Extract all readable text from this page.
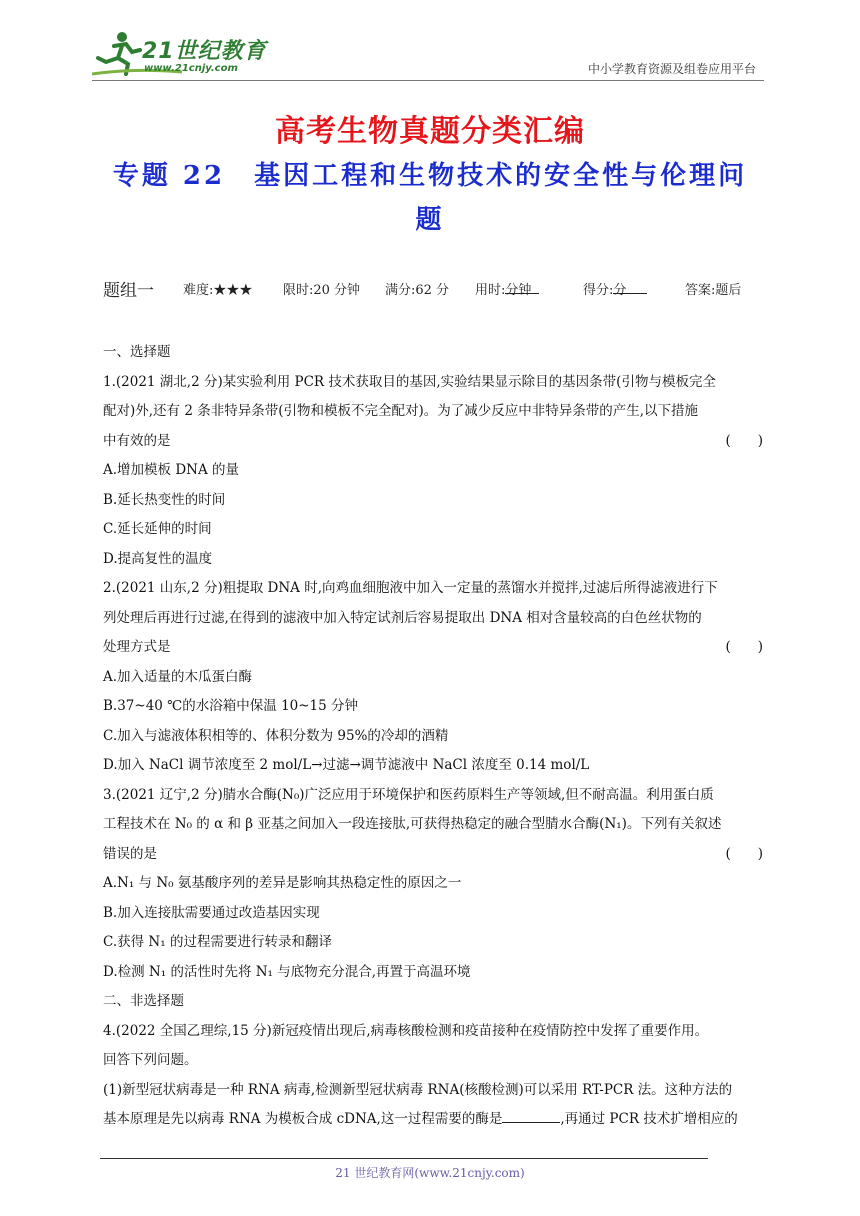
21世纪教育
www.21cnjy.com	中小学教育资源及组卷应用平台
高考生物真题分类汇编
专题 22　基因工程和生物技术的安全性与伦理问题
题组一 难度:★★★ 限时:20 分钟 满分:62 分 用时:
分钟	得分:
分	答案:题后
一、选择题
1.(2021 湖北,2 分)某实验利用 PCR 技术获取目的基因,实验结果显示除目的基因条带(引物与模板完全
配对)外,还有 2 条非特异条带(引物和模板不完全配对)。为了减少反应中非特异条带的产生,以下措施
中有效的是	(　　)
A.增加模板 DNA 的量
B.延长热变性的时间
C.延长延伸的时间
D.提高复性的温度
2.(2021 山东,2 分)粗提取 DNA 时,向鸡血细胞液中加入一定量的蒸馏水并搅拌,过滤后所得滤液进行下
列处理后再进行过滤,在得到的滤液中加入特定试剂后容易提取出 DNA 相对含量较高的白色丝状物的
处理方式是	(　　)
A.加入适量的木瓜蛋白酶
B.37~40 ℃的水浴箱中保温 10~15 分钟
C.加入与滤液体积相等的、体积分数为 95%的冷却的酒精
D.加入 NaCl 调节浓度至 2 mol/L→过滤→调节滤液中 NaCl 浓度至 0.14 mol/L
3.(2021 辽宁,2 分)腈水合酶(N₀)广泛应用于环境保护和医药原料生产等领域,但不耐高温。利用蛋白质
工程技术在 N₀ 的 α 和 β 亚基之间加入一段连接肽,可获得热稳定的融合型腈水合酶(N₁)。下列有关叙述
错误的是	(　　)
A.N₁ 与 N₀ 氨基酸序列的差异是影响其热稳定性的原因之一
B.加入连接肽需要通过改造基因实现
C.获得 N₁ 的过程需要进行转录和翻译
D.检测 N₁ 的活性时先将 N₁ 与底物充分混合,再置于高温环境
二、非选择题
4.(2022 全国乙理综,15 分)新冠疫情出现后,病毒核酸检测和疫苗接种在疫情防控中发挥了重要作用。
回答下列问题。
(1)新型冠状病毒是一种 RNA 病毒,检测新型冠状病毒 RNA(核酸检测)可以采用 RT-PCR 法。这种方法的
基本原理是先以病毒 RNA 为模板合成 cDNA,这一过程需要的酶是	,再通过 PCR 技术扩增相应的
21 世纪教育网(www.21cnjy.com)
